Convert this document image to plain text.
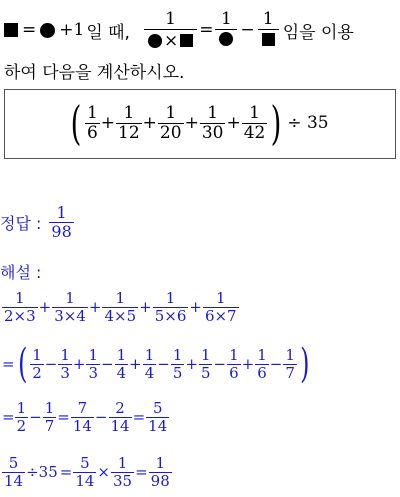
= +1 일 때,
1
×
=
1
−
1
임을 이용
하여 다음을 계산하시오.
( $\frac{1}{6} + \frac{1}{12} + \frac{1}{20} + \frac{1}{30} + \frac{1}{42}$ ) ÷ 35
정답 : $\frac{1}{98}$
해설 :
$\frac{1}{2\times 3} + \frac{1}{3\times 4} + \frac{1}{4\times 5} + \frac{1}{5\times 6} + \frac{1}{6\times 7}$
= ( $\frac{1}{2} - \frac{1}{3} + \frac{1}{3} - \frac{1}{4} + \frac{1}{4} - \frac{1}{5} + \frac{1}{5} - \frac{1}{6} + \frac{1}{6} - \frac{1}{7}$ )
= $\frac{1}{2} - \frac{1}{7} = \frac{7}{14} - \frac{2}{14} = \frac{5}{14}$
$\frac{5}{14} \div 35 = \frac{5}{14} \times \frac{1}{35} = \frac{1}{98}$
